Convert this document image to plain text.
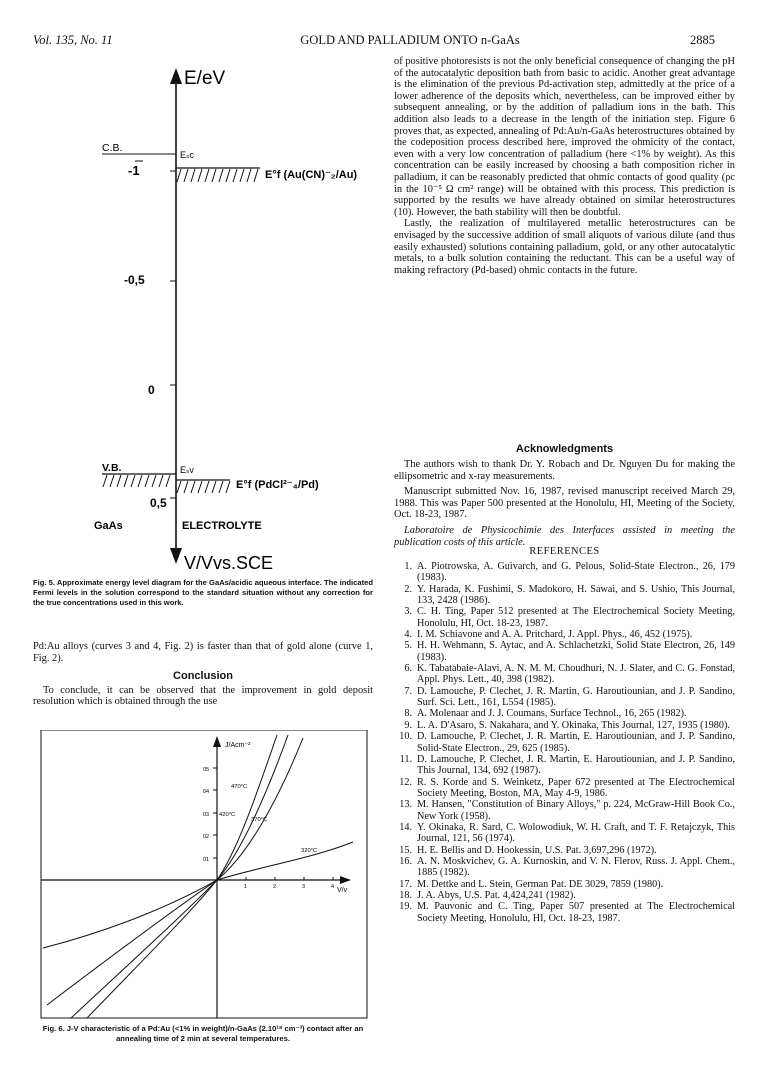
Vol. 135, No. 11	GOLD AND PALLADIUM ONTO n-GaAs	2885
E/eV
C.B.
Eₛc
-1	E°f (Au(CN)⁻₂/Au)
-0,5
0
V.B.	Eₛv
E°f (PdCl²⁻₄/Pd)
0,5
GaAs	ELECTROLYTE
V/Vvs.SCE
Fig. 5. Approximate energy level diagram for the GaAs/acidic aqueous interface. The indicated Fermi levels in the solution correspond to the standard situation without any correction for the true concentrations used in this work.

Pd:Au alloys (curves 3 and 4, Fig. 2) is faster than that of gold alone (curve 1, Fig. 2).

Conclusion

To conclude, it can be observed that the improvement in gold deposit resolution which is obtained through the use

J/Acm⁻²
V/v
05
04
03
02
01
1	2	3	4
470°C
420°C
370°C
320°C
Fig. 6. J-V characteristic of a Pd:Au (<1% in weight)/n-GaAs (2.10¹⁸ cm⁻³) contact after an annealing time of 2 min at several temperatures.

of positive photoresists is not the only beneficial consequence of changing the pH of the autocatalytic deposition bath from basic to acidic. Another great advantage is the elimination of the previous Pd-activation step, admittedly at the price of a lower adherence of the deposits which, nevertheless, can be improved either by subsequent annealing, or by the addition of palladium ions in the bath. This addition also leads to a decrease in the length of the initiation step. Figure 6 proves that, as expected, annealing of Pd:Au/n-GaAs heterostructures obtained by the codeposition process described here, improved the ohmicity of the contact, even with a very low concentration of palladium (here <1% by weight). As this concentration can be easily increased by choosing a bath composition richer in palladium, it can be reasonably predicted that ohmic contacts of good quality (ρc in the 10⁻⁵ Ω cm² range) will be obtained with this process. This prediction is supported by the results we have already obtained on similar heterostructures (10). However, the bath stability will then be doubtful.

Lastly, the realization of multilayered metallic heterostructures can be envisaged by the successive addition of small aliquots of various dilute (and thus easily exhausted) solutions containing palladium, gold, or any other autocatalytic metals, to a bulk solution containing the reductant. This can be a useful way of making refractory (Pd-based) ohmic contacts in the future.

Acknowledgments

The authors wish to thank Dr. Y. Robach and Dr. Nguyen Du for making the ellipsometric and x-ray measurements.

Manuscript submitted Nov. 16, 1987, revised manuscript received March 29, 1988. This was Paper 500 presented at the Honolulu, HI, Meeting of the Society, Oct. 18-23, 1987.

Laboratoire de Physicochimie des Interfaces assisted in meeting the publication costs of this article.

REFERENCES
1. A. Piotrowska, A. Guivarch, and G. Pelous, Solid-State Electron., 26, 179 (1983).
2. Y. Harada, K. Fushimi, S. Madokoro, H. Sawai, and S. Ushio, This Journal, 133, 2428 (1986).
3. C. H. Ting, Paper 512 presented at The Electrochemical Society Meeting, Honolulu, HI, Oct. 18-23, 1987.
4. I. M. Schiavone and A. A. Pritchard, J. Appl. Phys., 46, 452 (1975).
5. H. H. Wehmann, S. Aytac, and A. Schlachetzki, Solid State Electron, 26, 149 (1983).
6. K. Tabatabaie-Alavi, A. N. M. M. Choudhuri, N. J. Slater, and C. G. Fonstad, Appl. Phys. Lett., 40, 398 (1982).
7. D. Lamouche, P. Clechet, J. R. Martin, G. Haroutiounian, and J. P. Sandino, Surf. Sci. Lett., 161, L554 (1985).
8. A. Molenaar and J. J. Coumans, Surface Technol., 16, 265 (1982).
9. L. A. D'Asaro, S. Nakahara, and Y. Okinaka, This Journal, 127, 1935 (1980).
10. D. Lamouche, P. Clechet, J. R. Martin, E. Haroutiounian, and J. P. Sandino, Solid-State Electron., 29, 625 (1985).
11. D. Lamouche, P. Clechet, J. R. Martin, E. Haroutiounian, and J. P. Sandino, This Journal, 134, 692 (1987).
12. R. S. Korde and S. Weinketz, Paper 672 presented at The Electrochemical Society Meeting, Boston, MA, May 4-9, 1986.
13. M. Hansen, "Constitution of Binary Alloys," p. 224, McGraw-Hill Book Co., New York (1958).
14. Y. Okinaka, R. Sard, C. Wolowodiuk, W. H. Craft, and T. F. Retajczyk, This Journal, 121, 56 (1974).
15. H. E. Bellis and D. Hookessin, U.S. Pat. 3,697,296 (1972).
16. A. N. Moskvichev, G. A. Kurnoskin, and V. N. Flerov, Russ. J. Appl. Chem., 1885 (1982).
17. M. Dettke and L. Stein, German Pat. DE 3029, 7859 (1980).
18. J. A. Abys, U.S. Pat. 4,424,241 (1982).
19. M. Pauvonic and C. Ting, Paper 507 presented at The Electrochemical Society Meeting, Honolulu, HI, Oct. 18-23, 1987.
